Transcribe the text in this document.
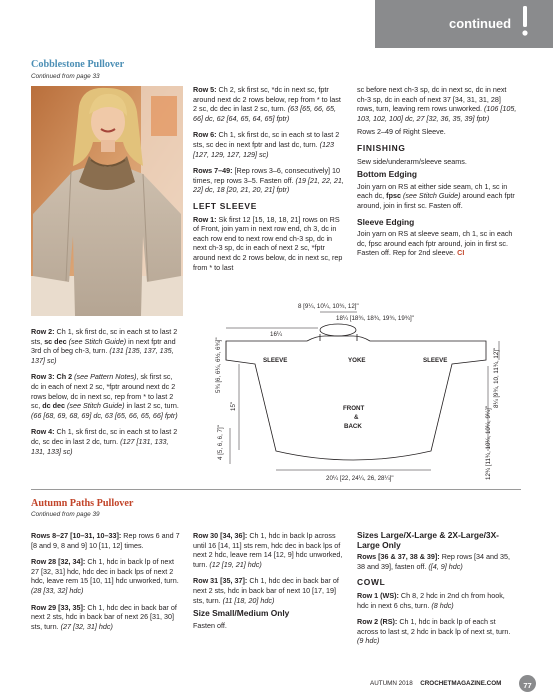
continued
Cobblestone Pullover
Continued from page 33

Row 2: Ch 1, sk first dc, sc in each st to last 2 sts, sc dec (see Stitch Guide) in next fptr and 3rd ch of beg ch-3, turn. (131 [135, 137, 135, 137] sc)

Row 3: Ch 2 (see Pattern Notes), sk first sc, dc in each of next 2 sc, *fptr around next dc 2 rows below, dc in next sc, rep from * to last 2 sc, dc dec (see Stitch Guide) in last 2 sc, turn. (66 [68, 69, 68, 69] dc, 63 [65, 66, 65, 66] fptr)

Row 4: Ch 1, sk first dc, sc in each st to last 2 dc, sc dec in last 2 dc, turn. (127 [131, 133, 131, 133] sc)

Row 5: Ch 2, sk first sc, *dc in next sc, fptr around next dc 2 rows below, rep from * to last 2 sc, dc dec in last 2 sc, turn. (63 [65, 66, 65, 66] dc, 62 [64, 65, 64, 65] fptr)

Row 6: Ch 1, sk first dc, sc in each st to last 2 sts, sc dec in next fptr and last dc, turn. (123 [127, 129, 127, 129] sc)

Rows 7–49: [Rep rows 3–6, consecutively] 10 times, rep rows 3–5. Fasten off. (19 [21, 22, 21, 22] dc, 18 [20, 21, 20, 21] fptr)

LEFT SLEEVE

Row 1: Sk first 12 [15, 18, 18, 21] rows on RS of Front, join yarn in next row end, ch 3, dc in each row end to next row end ch-3 sp, dc in next ch-3 sp, dc in each of next 2 sc, *fptr around next dc 2 rows below, dc in next sc, rep from * to last

sc before next ch-3 sp, dc in next sc, dc in next ch-3 sp, dc in each of next 37 [34, 31, 31, 28] rows, turn, leaving rem rows unworked. (106 [105, 103, 102, 100] dc, 27 [32, 36, 35, 39] fptr)

Rows 2–49 of Right Sleeve.

FINISHING

Sew side/underarm/sleeve seams.

Bottom Edging

Join yarn on RS at either side seam, ch 1, sc in each dc, fpsc (see Stitch Guide) around each fptr around, join in first sc. Fasten off.

Sleeve Edging

Join yarn on RS at sleeve seam, ch 1, sc in each dc, fpsc around each fptr around, join in first sc. Fasten off. Rep for 2nd sleeve. CI

8 [9¼, 10¼, 10¾, 12]"
18¼ [18¾, 18¾, 19¾, 19¾]"
16¼
SLEEVE	YOKE	SLEEVE
FRONT
&
BACK
5¾ [6, 6¼, 6½, 6¾]"
15"
4 [5, 6, 6, 7]"
8¼ [9¾, 10, 11¾, 12]"
12¾ [11¾, 10¼, 10¼, 9¼]"
20¼ [22, 24¼, 26, 28¼]"
Autumn Paths Pullover
Continued from page 39

Rows 8–27 [10–31, 10–33]: Rep rows 6 and 7 [8 and 9, 8 and 9] 10 [11, 12] times.

Row 28 [32, 34]: Ch 1, hdc in back lp of next 27 [32, 31] hdc, hdc dec in back lps of next 2 hdc, leave rem 15 [10, 11] hdc unworked, turn. (28 [33, 32] hdc)

Row 29 [33, 35]: Ch 1, hdc dec in back bar of next 2 sts, hdc in back bar of next 26 [31, 30] sts, turn. (27 [32, 31] hdc)

Row 30 [34, 36]: Ch 1, hdc in back lp across until 16 [14, 11] sts rem, hdc dec in back lps of next 2 hdc, leave rem 14 [12, 9] hdc unworked, turn. (12 [19, 21] hdc)

Row 31 [35, 37]: Ch 1, hdc dec in back bar of next 2 sts, hdc in back bar of next 10 [17, 19] sts, turn. (11 [18, 20] hdc)

Size Small/Medium Only

Fasten off.

Sizes Large/X-Large & 2X-Large/3X-Large Only

Rows [36 & 37, 38 & 39]: Rep rows [34 and 35, 38 and 39], fasten off. ([4, 9] hdc)

COWL

Row 1 (WS): Ch 8, 2 hdc in 2nd ch from hook, hdc in next 6 chs, turn. (8 hdc)

Row 2 (RS): Ch 1, hdc in back lp of each st across to last st, 2 hdc in back lp of next st, turn. (9 hdc)

AUTUMN 2018 CROCHETMAGAZINE.COM	77
